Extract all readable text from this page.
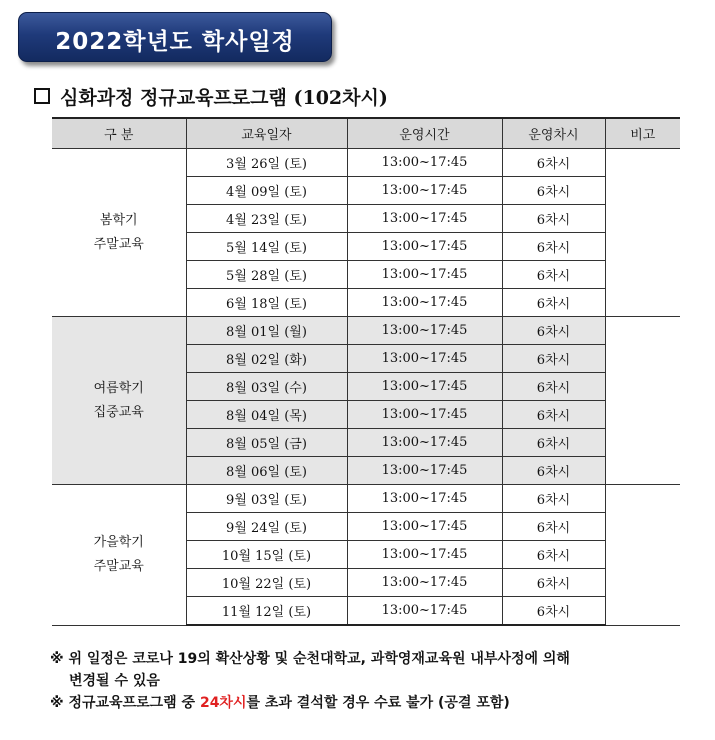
2022학년도 학사일정
심화과정 정규교육프로그램 (102차시)
구 분	교육일자	운영시간	운영차시	비고

봄학기
주말교육	3월 26일 (토)	13:00~17:45	6차시	
	4월 09일 (토)	13:00~17:45	6차시	
	4월 23일 (토)	13:00~17:45	6차시	
	5월 14일 (토)	13:00~17:45	6차시	
	5월 28일 (토)	13:00~17:45	6차시	
	6월 18일 (토)	13:00~17:45	6차시	

여름학기
집중교육	8월 01일 (월)	13:00~17:45	6차시	
	8월 02일 (화)	13:00~17:45	6차시	
	8월 03일 (수)	13:00~17:45	6차시	
	8월 04일 (목)	13:00~17:45	6차시	
	8월 05일 (금)	13:00~17:45	6차시	
	8월 06일 (토)	13:00~17:45	6차시	

가을학기
주말교육	9월 03일 (토)	13:00~17:45	6차시	
	9월 24일 (토)	13:00~17:45	6차시	
	10월 15일 (토)	13:00~17:45	6차시	
	10월 22일 (토)	13:00~17:45	6차시	
	11월 12일 (토)	13:00~17:45	6차시	
※ 위 일정은 코로나 19의 확산상황 및 순천대학교, 과학영재교육원 내부사정에 의해
변경될 수 있음
※ 정규교육프로그램 중 24차시를 초과 결석할 경우 수료 불가 (공결 포함)
